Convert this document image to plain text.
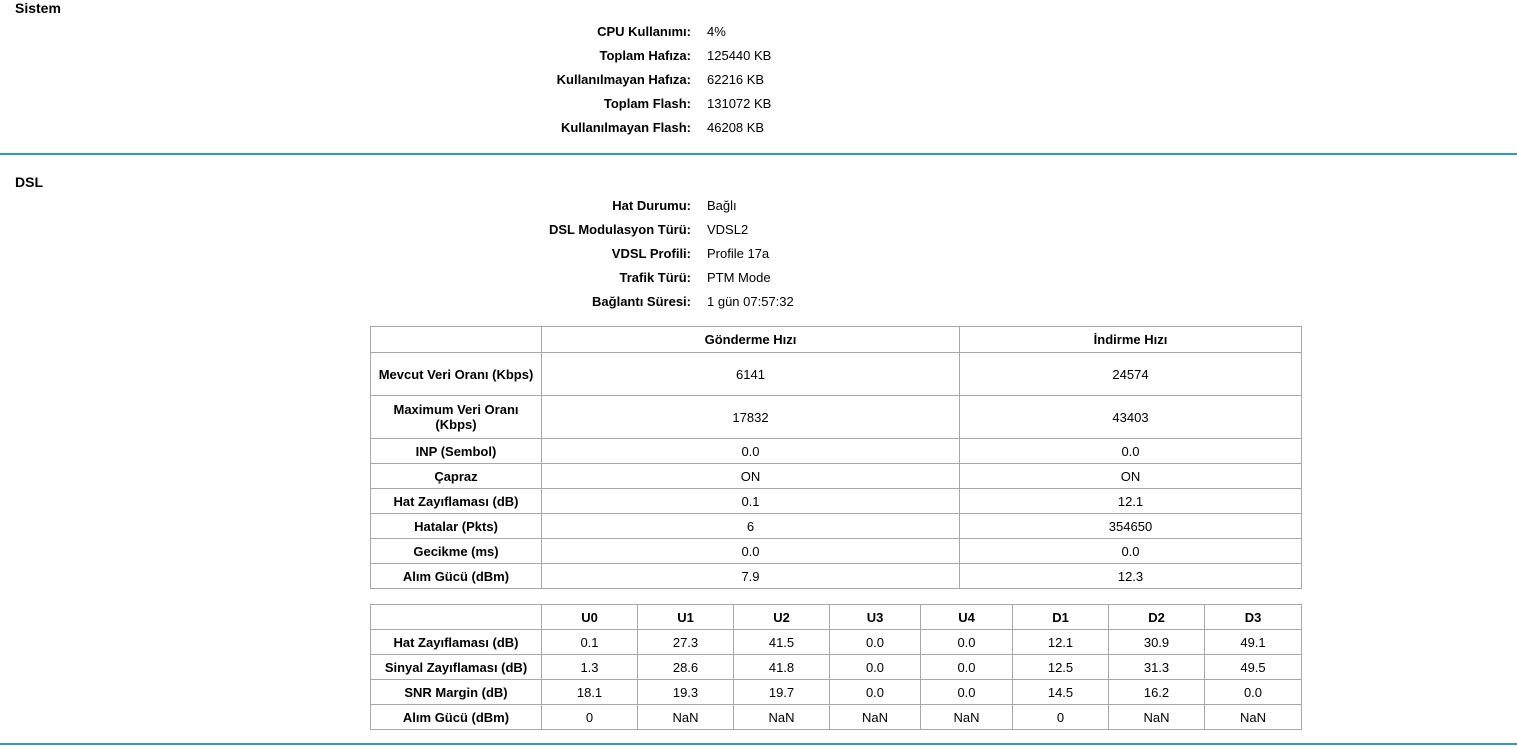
Sistem
CPU Kullanımı: 4%
Toplam Hafıza: 125440 KB
Kullanılmayan Hafıza: 62216 KB
Toplam Flash: 131072 KB
Kullanılmayan Flash: 46208 KB
DSL
Hat Durumu: Bağlı
DSL Modulasyon Türü: VDSL2
VDSL Profili: Profile 17a
Trafik Türü: PTM Mode
Bağlantı Süresi: 1 gün 07:57:32
	Gönderme Hızı	İndirme Hızı
Mevcut Veri Oranı (Kbps)	6141	24574
Maximum Veri Oranı (Kbps)	17832	43403
INP (Sembol)	0.0	0.0
Çapraz	ON	ON
Hat Zayıflaması (dB)	0.1	12.1
Hatalar (Pkts)	6	354650
Gecikme (ms)	0.0	0.0
Alım Gücü (dBm)	7.9	12.3
	U0	U1	U2	U3	U4	D1	D2	D3
Hat Zayıflaması (dB)	0.1	27.3	41.5	0.0	0.0	12.1	30.9	49.1
Sinyal Zayıflaması (dB)	1.3	28.6	41.8	0.0	0.0	12.5	31.3	49.5
SNR Margin (dB)	18.1	19.3	19.7	0.0	0.0	14.5	16.2	0.0
Alım Gücü (dBm)	0	NaN	NaN	NaN	NaN	0	NaN	NaN
